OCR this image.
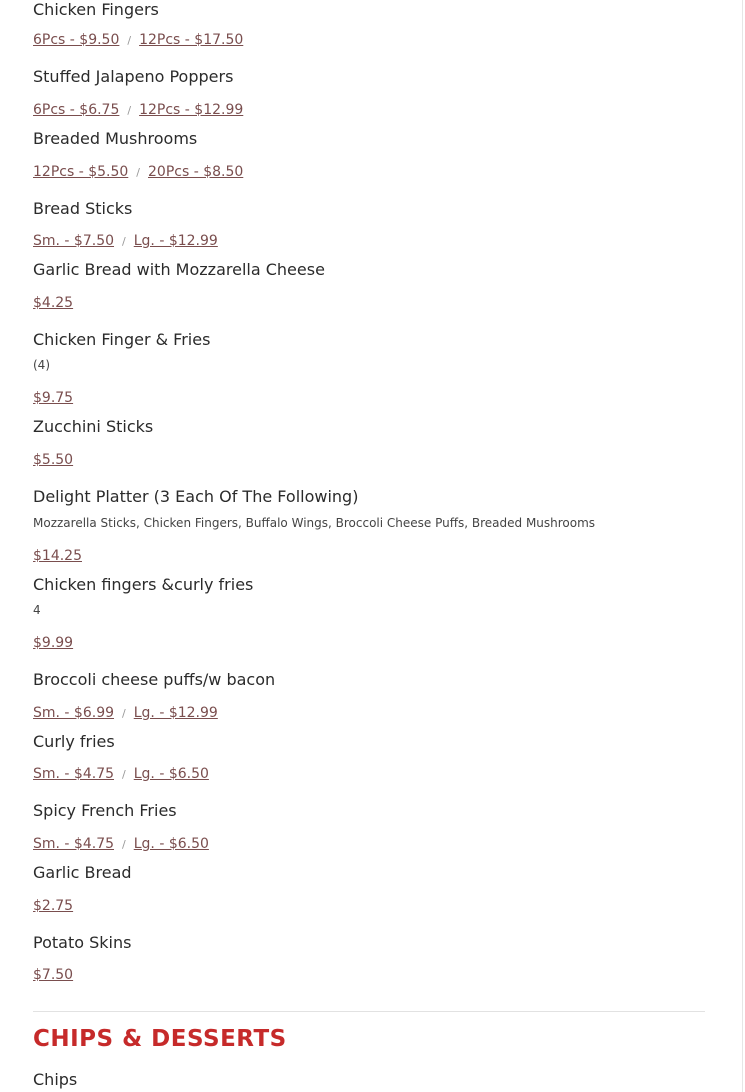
Chicken Fingers
6Pcs - $9.50 / 12Pcs - $17.50
Stuffed Jalapeno Poppers
6Pcs - $6.75 / 12Pcs - $12.99
Breaded Mushrooms
12Pcs - $5.50 / 20Pcs - $8.50
Bread Sticks
Sm. - $7.50 / Lg. - $12.99
Garlic Bread with Mozzarella Cheese
$4.25
Chicken Finger & Fries
(4)
$9.75
Zucchini Sticks
$5.50
Delight Platter (3 Each Of The Following)
Mozzarella Sticks, Chicken Fingers, Buffalo Wings, Broccoli Cheese Puffs, Breaded Mushrooms
$14.25
Chicken fingers &curly fries
4
$9.99
Broccoli cheese puffs/w bacon
Sm. - $6.99 / Lg. - $12.99
Curly fries
Sm. - $4.75 / Lg. - $6.50
Spicy French Fries
Sm. - $4.75 / Lg. - $6.50
Garlic Bread
$2.75
Potato Skins
$7.50
CHIPS & DESSERTS
Chips
